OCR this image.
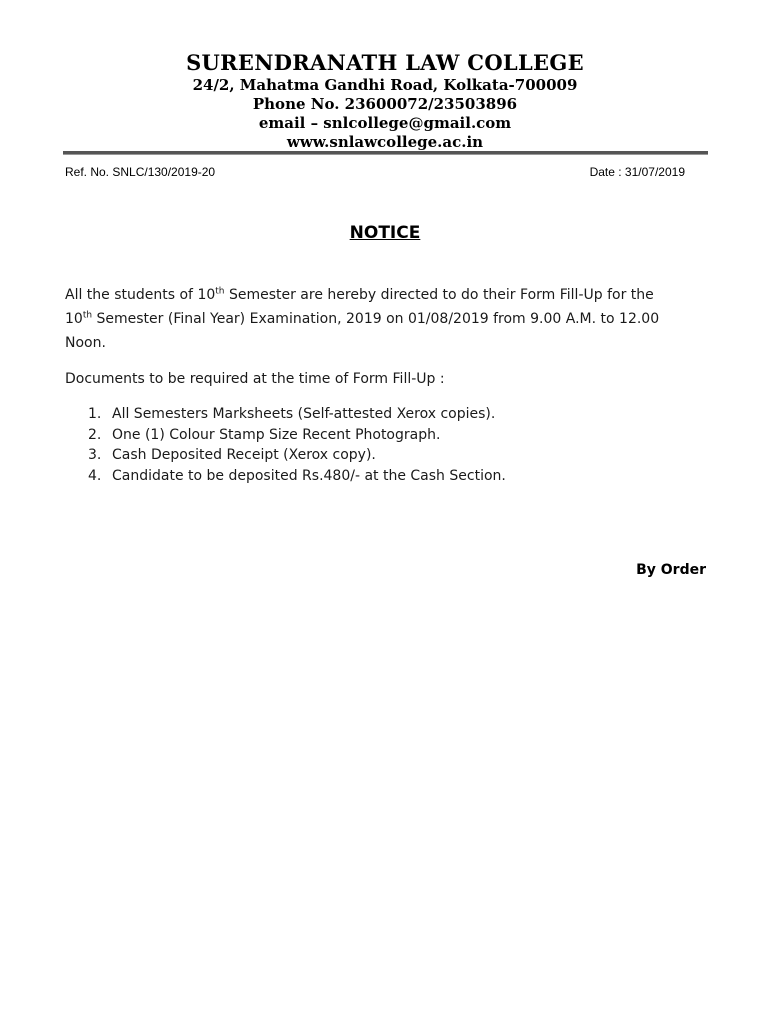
SURENDRANATH LAW COLLEGE
24/2, Mahatma Gandhi Road, Kolkata-700009
Phone No. 23600072/23503896
email – snlcollege@gmail.com
www.snlawcollege.ac.in
Ref. No. SNLC/130/2019-20	Date : 31/07/2019
NOTICE
All the students of 10th Semester are hereby directed to do their Form Fill-Up for the
10th Semester (Final Year) Examination, 2019 on 01/08/2019 from 9.00 A.M. to 12.00
Noon.
Documents to be required at the time of Form Fill-Up :
1. All Semesters Marksheets (Self-attested Xerox copies).
2. One (1) Colour Stamp Size Recent Photograph.
3. Cash Deposited Receipt (Xerox copy).
4. Candidate to be deposited Rs.480/- at the Cash Section.
By Order
